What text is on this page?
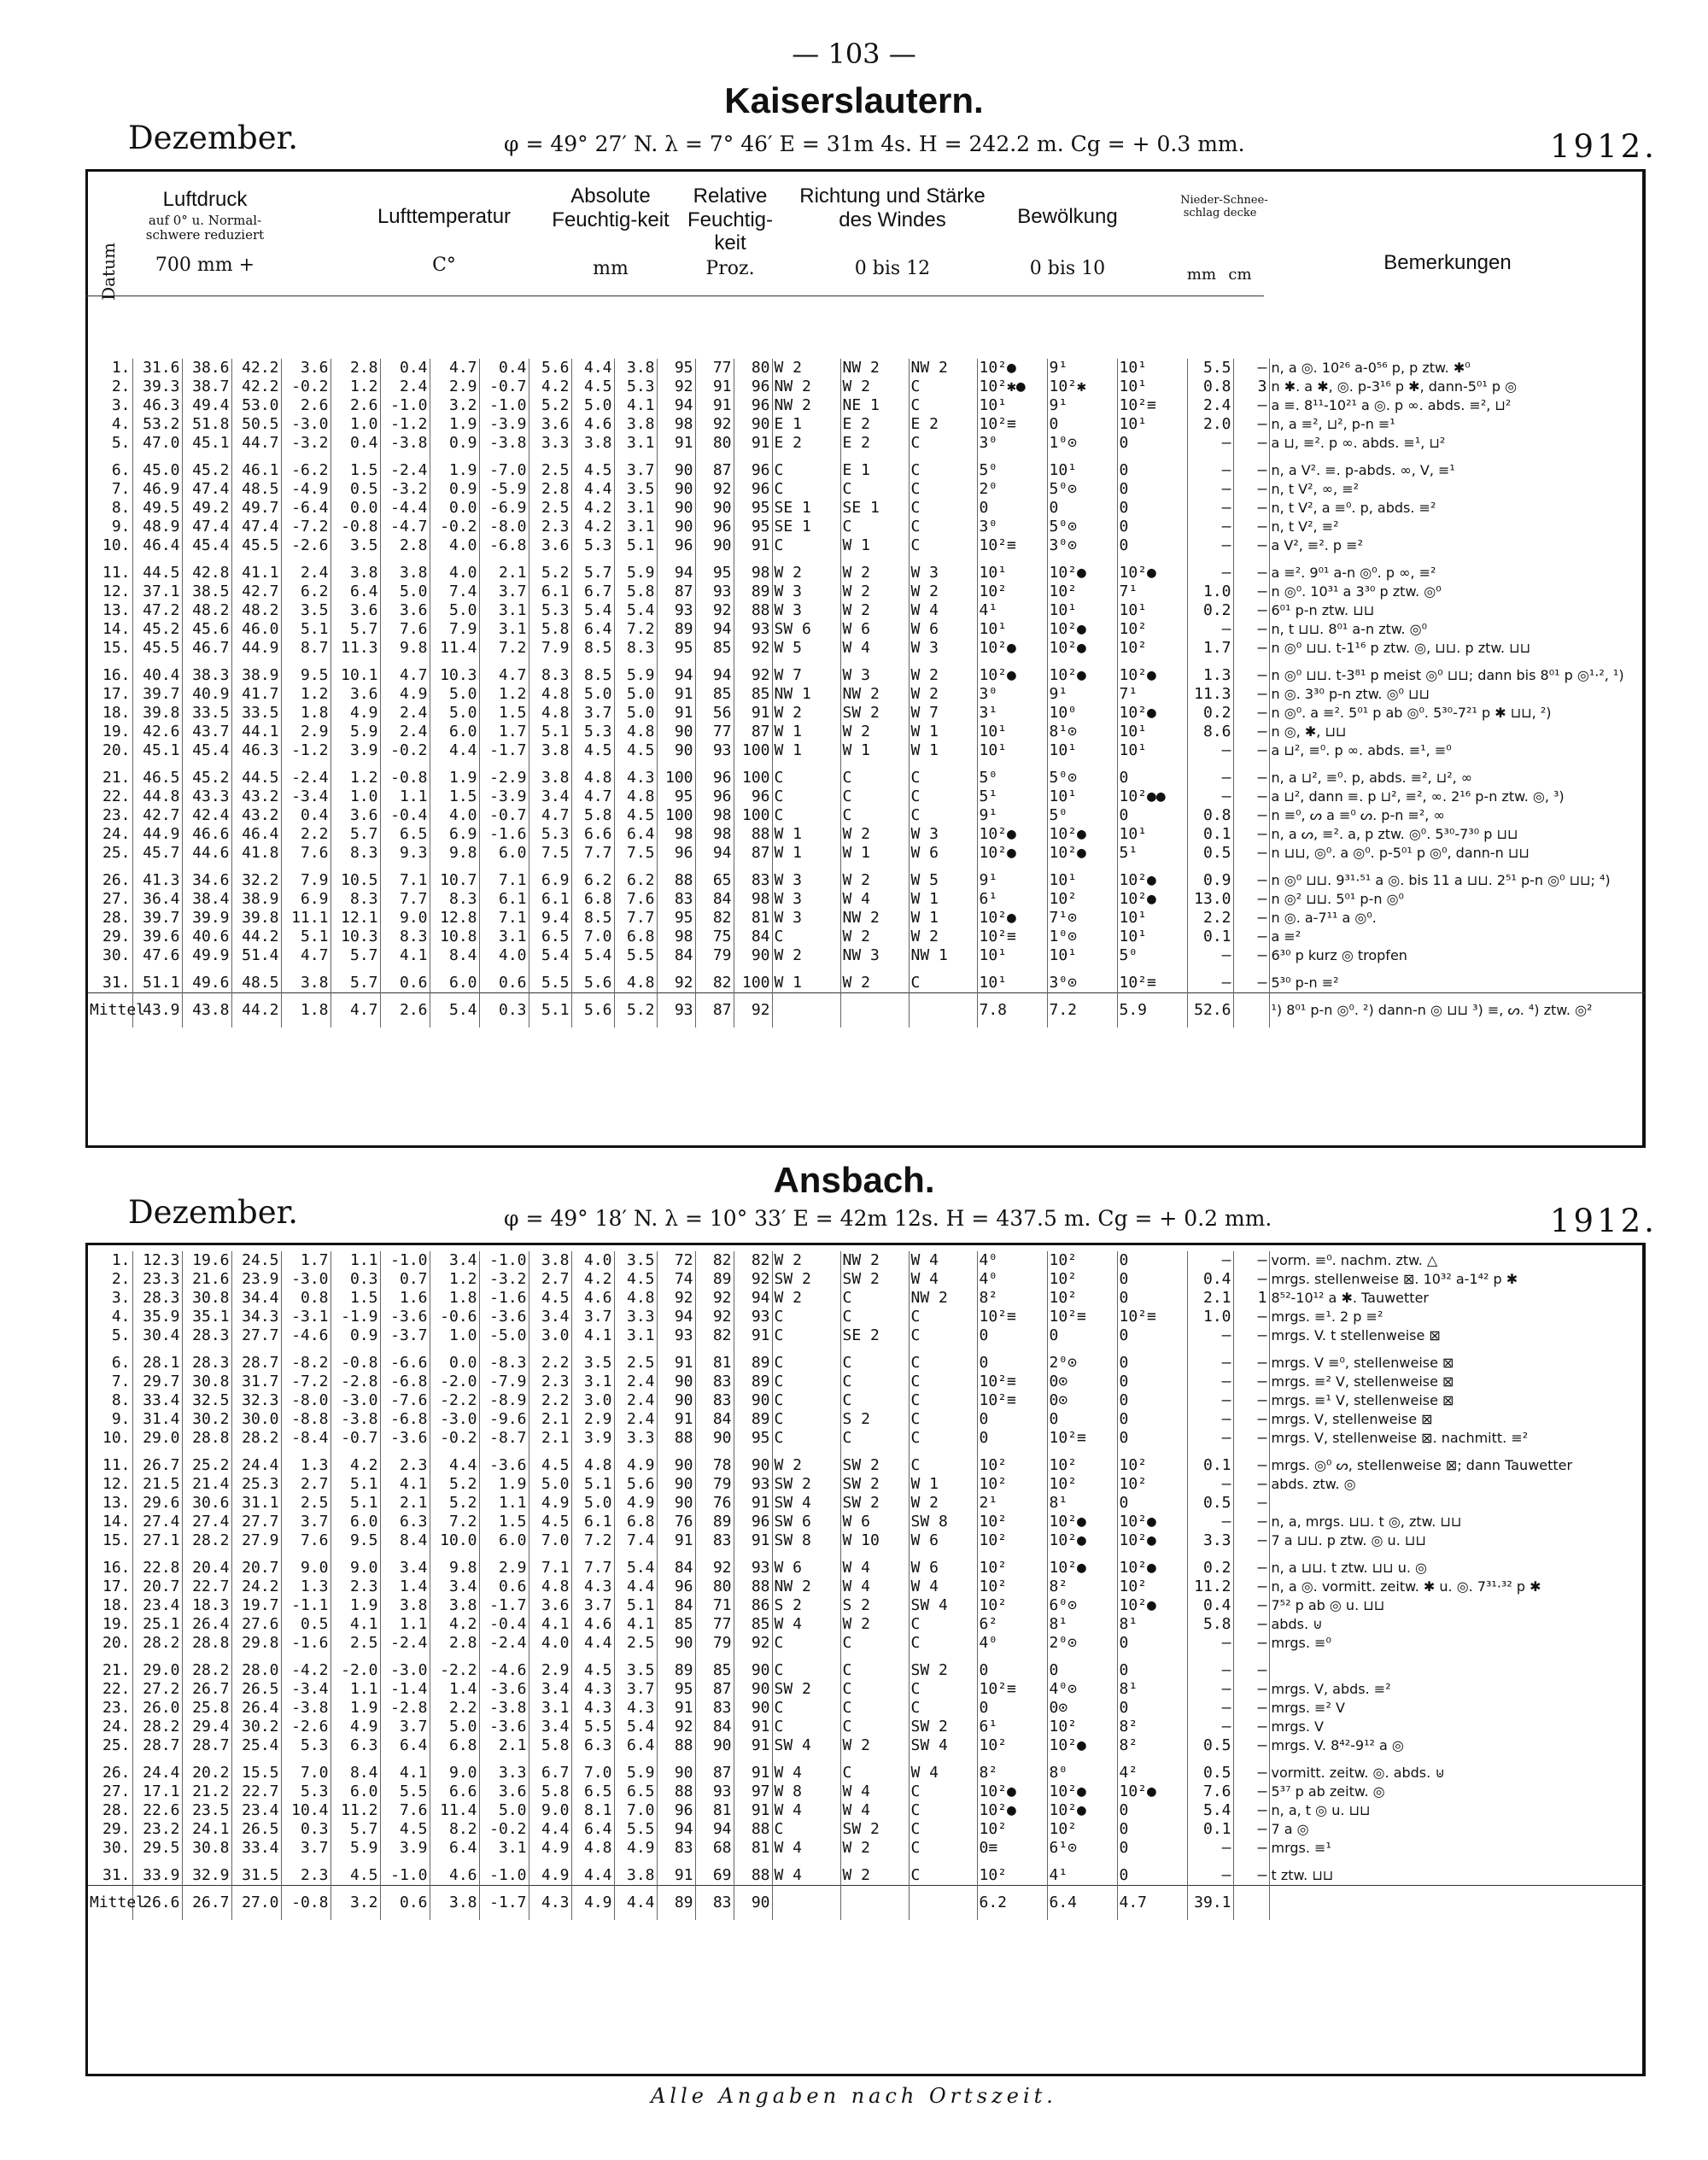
— 103 —
Kaiserslautern.
Dezember.	φ = 49° 27′ N. λ = 7° 46′ E = 31m 4s. H = 242.2 m. Cg = + 0.3 mm.	1912.
Datum
Luftdruck
auf 0° u. Normal-schwere reduziert
700 mm +
Lufttemperatur
C°
Absolute Feuchtig-keit
mm
Relative Feuchtig-keit
Proz.
Richtung und Stärke des Windes
0 bis 12
Bewölkung
0 bis 10
Nieder-schlag
mm
Schnee-decke
cm
Bemerkungen
1.	31.6	38.6	42.2	3.6	2.8	0.4	4.7	0.4	5.6	4.4	3.8	95	77	80	W 2	NW 2	NW 2	10²●	9¹	10¹	5.5	–	n, a ◎. 10²⁶ a-0⁵⁶ p, p ztw. ✱⁰
2.	39.3	38.7	42.2	-0.2	1.2	2.4	2.9	-0.7	4.2	4.5	5.3	92	91	96	NW 2	W 2	C	10²✱●	10²✱	10¹	0.8	3	n ✱. a ✱, ◎. p-3¹⁶ p ✱, dann-5⁰¹ p ◎
3.	46.3	49.4	53.0	2.6	2.6	-1.0	3.2	-1.0	5.2	5.0	4.1	94	91	96	NW 2	NE 1	C	10¹	9¹	10²≡	2.4	–	a ≡. 8¹¹-10²¹ a ◎. p ∞. abds. ≡², ⊔²
4.	53.2	51.8	50.5	-3.0	1.0	-1.2	1.9	-3.9	3.6	4.6	3.8	98	92	90	E 1	E 2	E 2	10²≡	0	10¹	2.0	–	n, a ≡², ⊔², p-n ≡¹
5.	47.0	45.1	44.7	-3.2	0.4	-3.8	0.9	-3.8	3.3	3.8	3.1	91	80	91	E 2	E 2	C	3⁰	1⁰⊙	0	–	–	a ⊔, ≡². p ∞. abds. ≡¹, ⊔²
6.	45.0	45.2	46.1	-6.2	1.5	-2.4	1.9	-7.0	2.5	4.5	3.7	90	87	96	C	E 1	C	5⁰	10¹	0	–	–	n, a V². ≡. p-abds. ∞, V, ≡¹
7.	46.9	47.4	48.5	-4.9	0.5	-3.2	0.9	-5.9	2.8	4.4	3.5	90	92	96	C	C	C	2⁰	5⁰⊙	0	–	–	n, t V², ∞, ≡²
8.	49.5	49.2	49.7	-6.4	0.0	-4.4	0.0	-6.9	2.5	4.2	3.1	90	90	95	SE 1	SE 1	C	0	0	0	–	–	n, t V², a ≡⁰. p, abds. ≡²
9.	48.9	47.4	47.4	-7.2	-0.8	-4.7	-0.2	-8.0	2.3	4.2	3.1	90	96	95	SE 1	C	C	3⁰	5⁰⊙	0	–	–	n, t V², ≡²
10.	46.4	45.4	45.5	-2.6	3.5	2.8	4.0	-6.8	3.6	5.3	5.1	96	90	91	C	W 1	C	10²≡	3⁰⊙	0	–	–	a V², ≡². p ≡²
11.	44.5	42.8	41.1	2.4	3.8	3.8	4.0	2.1	5.2	5.7	5.9	94	95	98	W 2	W 2	W 3	10¹	10²●	10²●	–	–	a ≡². 9⁰¹ a-n ◎⁰. p ∞, ≡²
12.	37.1	38.5	42.7	6.2	6.4	5.0	7.4	3.7	6.1	6.7	5.8	87	93	89	W 3	W 2	W 2	10²	10²	7¹	1.0	–	n ◎⁰. 10³¹ a 3³⁰ p ztw. ◎⁰
13.	47.2	48.2	48.2	3.5	3.6	3.6	5.0	3.1	5.3	5.4	5.4	93	92	88	W 3	W 2	W 4	4¹	10¹	10¹	0.2	–	6⁰¹ p-n ztw. ⊔⊔
14.	45.2	45.6	46.0	5.1	5.7	7.6	7.9	3.1	5.8	6.4	7.2	89	94	93	SW 6	W 6	W 6	10¹	10²●	10²	–	–	n, t ⊔⊔. 8⁰¹ a-n ztw. ◎⁰
15.	45.5	46.7	44.9	8.7	11.3	9.8	11.4	7.2	7.9	8.5	8.3	95	85	92	W 5	W 4	W 3	10²●	10²●	10²	1.7	–	n ◎⁰ ⊔⊔. t-1¹⁶ p ztw. ◎, ⊔⊔. p ztw. ⊔⊔
16.	40.4	38.3	38.9	9.5	10.1	4.7	10.3	4.7	8.3	8.5	5.9	94	94	92	W 7	W 3	W 2	10²●	10²●	10²●	1.3	–	n ◎⁰ ⊔⊔. t-3⁸¹ p meist ◎⁰ ⊔⊔; dann bis 8⁰¹ p ◎¹·², ¹)
17.	39.7	40.9	41.7	1.2	3.6	4.9	5.0	1.2	4.8	5.0	5.0	91	85	85	NW 1	NW 2	W 2	3⁰	9¹	7¹	11.3	–	n ◎. 3³⁰ p-n ztw. ◎⁰ ⊔⊔
18.	39.8	33.5	33.5	1.8	4.9	2.4	5.0	1.5	4.8	3.7	5.0	91	56	91	W 2	SW 2	W 7	3¹	10⁰	10²●	0.2	–	n ◎⁰. a ≡². 5⁰¹ p ab ◎⁰. 5³⁰-7²¹ p ✱ ⊔⊔, ²)
19.	42.6	43.7	44.1	2.9	5.9	2.4	6.0	1.7	5.1	5.3	4.8	90	77	87	W 1	W 2	W 1	10¹	8¹⊙	10¹	8.6	–	n ◎, ✱, ⊔⊔
20.	45.1	45.4	46.3	-1.2	3.9	-0.2	4.4	-1.7	3.8	4.5	4.5	90	93	100	W 1	W 1	W 1	10¹	10¹	10¹	–	–	a ⊔², ≡⁰. p ∞. abds. ≡¹, ≡⁰
21.	46.5	45.2	44.5	-2.4	1.2	-0.8	1.9	-2.9	3.8	4.8	4.3	100	96	100	C	C	C	5⁰	5⁰⊙	0	–	–	n, a ⊔², ≡⁰. p, abds. ≡², ⊔², ∞
22.	44.8	43.3	43.2	-3.4	1.0	1.1	1.5	-3.9	3.4	4.7	4.8	95	96	96	C	C	C	5¹	10¹	10²●●	–	–	a ⊔², dann ≡. p ⊔², ≡², ∞. 2¹⁶ p-n ztw. ◎, ³)
23.	42.7	42.4	43.2	0.4	3.6	-0.4	4.0	-0.7	4.7	5.8	4.5	100	98	100	C	C	C	9¹	5⁰	0	0.8	–	n ≡⁰, ᔕ a ≡⁰ ᔕ. p-n ≡², ∞
24.	44.9	46.6	46.4	2.2	5.7	6.5	6.9	-1.6	5.3	6.6	6.4	98	98	88	W 1	W 2	W 3	10²●	10²●	10¹	0.1	–	n, a ᔕ, ≡². a, p ztw. ◎⁰. 5³⁰-7³⁰ p ⊔⊔
25.	45.7	44.6	41.8	7.6	8.3	9.3	9.8	6.0	7.5	7.7	7.5	96	94	87	W 1	W 1	W 6	10²●	10²●	5¹	0.5	–	n ⊔⊔, ◎⁰. a ◎⁰. p-5⁰¹ p ◎⁰, dann-n ⊔⊔
26.	41.3	34.6	32.2	7.9	10.5	7.1	10.7	7.1	6.9	6.2	6.2	88	65	83	W 3	W 2	W 5	9¹	10¹	10²●	0.9	–	n ◎⁰ ⊔⊔. 9³¹·⁵¹ a ◎. bis 11 a ⊔⊔. 2⁵¹ p-n ◎⁰ ⊔⊔; ⁴)
27.	36.4	38.4	38.9	6.9	8.3	7.7	8.3	6.1	6.1	6.8	7.6	83	84	98	W 3	W 4	W 1	6¹	10²	10²●	13.0	–	n ◎² ⊔⊔. 5⁰¹ p-n ◎⁰
28.	39.7	39.9	39.8	11.1	12.1	9.0	12.8	7.1	9.4	8.5	7.7	95	82	81	W 3	NW 2	W 1	10²●	7¹⊙	10¹	2.2	–	n ◎. a-7¹¹ a ◎⁰.
29.	39.6	40.6	44.2	5.1	10.3	8.3	10.8	3.1	6.5	7.0	6.8	98	75	84	C	W 2	W 2	10²≡	1⁰⊙	10¹	0.1	–	a ≡²
30.	47.6	49.9	51.4	4.7	5.7	4.1	8.4	4.0	5.4	5.4	5.5	84	79	90	W 2	NW 3	NW 1	10¹	10¹	5⁰	–	–	6³⁰ p kurz ◎ tropfen
31.	51.1	49.6	48.5	3.8	5.7	0.6	6.0	0.6	5.5	5.6	4.8	92	82	100	W 1	W 2	C	10¹	3⁰⊙	10²≡	–	–	5³⁰ p-n ≡²
Mittel	43.9	43.8	44.2	1.8	4.7	2.6	5.4	0.3	5.1	5.6	5.2	93	87	92				7.8	7.2	5.9	52.6		¹) 8⁰¹ p-n ◎⁰. ²) dann-n ◎ ⊔⊔ ³) ≡, ᔕ. ⁴) ztw. ◎²
Ansbach.
Dezember.	φ = 49° 18′ N. λ = 10° 33′ E = 42m 12s. H = 437.5 m. Cg = + 0.2 mm.	1912.
1.	12.3	19.6	24.5	1.7	1.1	-1.0	3.4	-1.0	3.8	4.0	3.5	72	82	82	W 2	NW 2	W 4	4⁰	10²	0	–	–	vorm. ≡⁰. nachm. ztw. △
2.	23.3	21.6	23.9	-3.0	0.3	0.7	1.2	-3.2	2.7	4.2	4.5	74	89	92	SW 2	SW 2	W 4	4⁰	10²	0	0.4	–	mrgs. stellenweise ⊠. 10³² a-1⁴² p ✱
3.	28.3	30.8	34.4	0.8	1.5	1.6	1.8	-1.6	4.5	4.6	4.8	92	92	94	W 2	C	NW 2	8²	10²	0	2.1	1	8⁵²-10¹² a ✱. Tauwetter
4.	35.9	35.1	34.3	-3.1	-1.9	-3.6	-0.6	-3.6	3.4	3.7	3.3	94	92	93	C	C	C	10²≡	10²≡	10²≡	1.0	–	mrgs. ≡¹. 2 p ≡²
5.	30.4	28.3	27.7	-4.6	0.9	-3.7	1.0	-5.0	3.0	4.1	3.1	93	82	91	C	SE 2	C	0	0	0	–	–	mrgs. V. t stellenweise ⊠
6.	28.1	28.3	28.7	-8.2	-0.8	-6.6	0.0	-8.3	2.2	3.5	2.5	91	81	89	C	C	C	0	2⁰⊙	0	–	–	mrgs. V ≡⁰, stellenweise ⊠
7.	29.7	30.8	31.7	-7.2	-2.8	-6.8	-2.0	-7.9	2.3	3.1	2.4	90	83	89	C	C	C	10²≡	0⊙	0	–	–	mrgs. ≡² V, stellenweise ⊠
8.	33.4	32.5	32.3	-8.0	-3.0	-7.6	-2.2	-8.9	2.2	3.0	2.4	90	83	90	C	C	C	10²≡	0⊙	0	–	–	mrgs. ≡¹ V, stellenweise ⊠
9.	31.4	30.2	30.0	-8.8	-3.8	-6.8	-3.0	-9.6	2.1	2.9	2.4	91	84	89	C	S 2	C	0	0	0	–	–	mrgs. V, stellenweise ⊠
10.	29.0	28.8	28.2	-8.4	-0.7	-3.6	-0.2	-8.7	2.1	3.9	3.3	88	90	95	C	C	C	0	10²≡	0	–	–	mrgs. V, stellenweise ⊠. nachmitt. ≡²
11.	26.7	25.2	24.4	1.3	4.2	2.3	4.4	-3.6	4.5	4.8	4.9	90	78	90	W 2	SW 2	C	10²	10²	10²	0.1	–	mrgs. ◎⁰ ᔕ, stellenweise ⊠; dann Tauwetter
12.	21.5	21.4	25.3	2.7	5.1	4.1	5.2	1.9	5.0	5.1	5.6	90	79	93	SW 2	SW 2	W 1	10²	10²	10²	–	–	abds. ztw. ◎
13.	29.6	30.6	31.1	2.5	5.1	2.1	5.2	1.1	4.9	5.0	4.9	90	76	91	SW 4	SW 2	W 2	2¹	8¹	0	0.5	–	
14.	27.4	27.4	27.7	3.7	6.0	6.3	7.2	1.5	4.5	6.1	6.8	76	89	96	SW 6	W 6	SW 8	10²	10²●	10²●	–	–	n, a, mrgs. ⊔⊔. t ◎, ztw. ⊔⊔
15.	27.1	28.2	27.9	7.6	9.5	8.4	10.0	6.0	7.0	7.2	7.4	91	83	91	SW 8	W 10	W 6	10²	10²●	10²●	3.3	–	7 a ⊔⊔. p ztw. ◎ u. ⊔⊔
16.	22.8	20.4	20.7	9.0	9.0	3.4	9.8	2.9	7.1	7.7	5.4	84	92	93	W 6	W 4	W 6	10²	10²●	10²●	0.2	–	n, a ⊔⊔. t ztw. ⊔⊔ u. ◎
17.	20.7	22.7	24.2	1.3	2.3	1.4	3.4	0.6	4.8	4.3	4.4	96	80	88	NW 2	W 4	W 4	10²	8²	10²	11.2	–	n, a ◎. vormitt. zeitw. ✱ u. ◎. 7³¹·³² p ✱
18.	23.4	18.3	19.7	-1.1	1.9	3.8	3.8	-1.7	3.6	3.7	5.1	84	71	86	S 2	S 2	SW 4	10²	6⁰⊙	10²●	0.4	–	7⁵² p ab ◎ u. ⊔⊔
19.	25.1	26.4	27.6	0.5	4.1	1.1	4.2	-0.4	4.1	4.6	4.1	85	77	85	W 4	W 2	C	6²	8¹	8¹	5.8	–	abds. ⊍
20.	28.2	28.8	29.8	-1.6	2.5	-2.4	2.8	-2.4	4.0	4.4	2.5	90	79	92	C	C	C	4⁰	2⁰⊙	0	–	–	mrgs. ≡⁰
21.	29.0	28.2	28.0	-4.2	-2.0	-3.0	-2.2	-4.6	2.9	4.5	3.5	89	85	90	C	C	SW 2	0	0	0	–	–	
22.	27.2	26.7	26.5	-3.4	1.1	-1.4	1.4	-3.6	3.4	4.3	3.7	95	87	90	SW 2	C	C	10²≡	4⁰⊙	8¹	–	–	mrgs. V, abds. ≡²
23.	26.0	25.8	26.4	-3.8	1.9	-2.8	2.2	-3.8	3.1	4.3	4.3	91	83	90	C	C	C	0	0⊙	0	–	–	mrgs. ≡² V
24.	28.2	29.4	30.2	-2.6	4.9	3.7	5.0	-3.6	3.4	5.5	5.4	92	84	91	C	C	SW 2	6¹	10²	8²	–	–	mrgs. V
25.	28.7	28.7	25.4	5.3	6.3	6.4	6.8	2.1	5.8	6.3	6.4	88	90	91	SW 4	W 2	SW 4	10²	10²●	8²	0.5	–	mrgs. V. 8⁴²-9¹² a ◎
26.	24.4	20.2	15.5	7.0	8.4	4.1	9.0	3.3	6.7	7.0	5.9	90	87	91	W 4	C	W 4	8²	8⁰	4²	0.5	–	vormitt. zeitw. ◎. abds. ⊍
27.	17.1	21.2	22.7	5.3	6.0	5.5	6.6	3.6	5.8	6.5	6.5	88	93	97	W 8	W 4	C	10²●	10²●	10²●	7.6	–	5³⁷ p ab zeitw. ◎
28.	22.6	23.5	23.4	10.4	11.2	7.6	11.4	5.0	9.0	8.1	7.0	96	81	91	W 4	W 4	C	10²●	10²●	0	5.4	–	n, a, t ◎ u. ⊔⊔
29.	23.2	24.1	26.5	0.3	5.7	4.5	8.2	-0.2	4.4	6.4	5.5	94	94	88	C	SW 2	C	10²	10²	0	0.1	–	7 a ◎
30.	29.5	30.8	33.4	3.7	5.9	3.9	6.4	3.1	4.9	4.8	4.9	83	68	81	W 4	W 2	C	0≡	6¹⊙	0	–	–	mrgs. ≡¹
31.	33.9	32.9	31.5	2.3	4.5	-1.0	4.6	-1.0	4.9	4.4	3.8	91	69	88	W 4	W 2	C	10²	4¹	0	–	–	t ztw. ⊔⊔
Mittel	26.6	26.7	27.0	-0.8	3.2	0.6	3.8	-1.7	4.3	4.9	4.4	89	83	90				6.2	6.4	4.7	39.1		
Alle Angaben nach Ortszeit.
